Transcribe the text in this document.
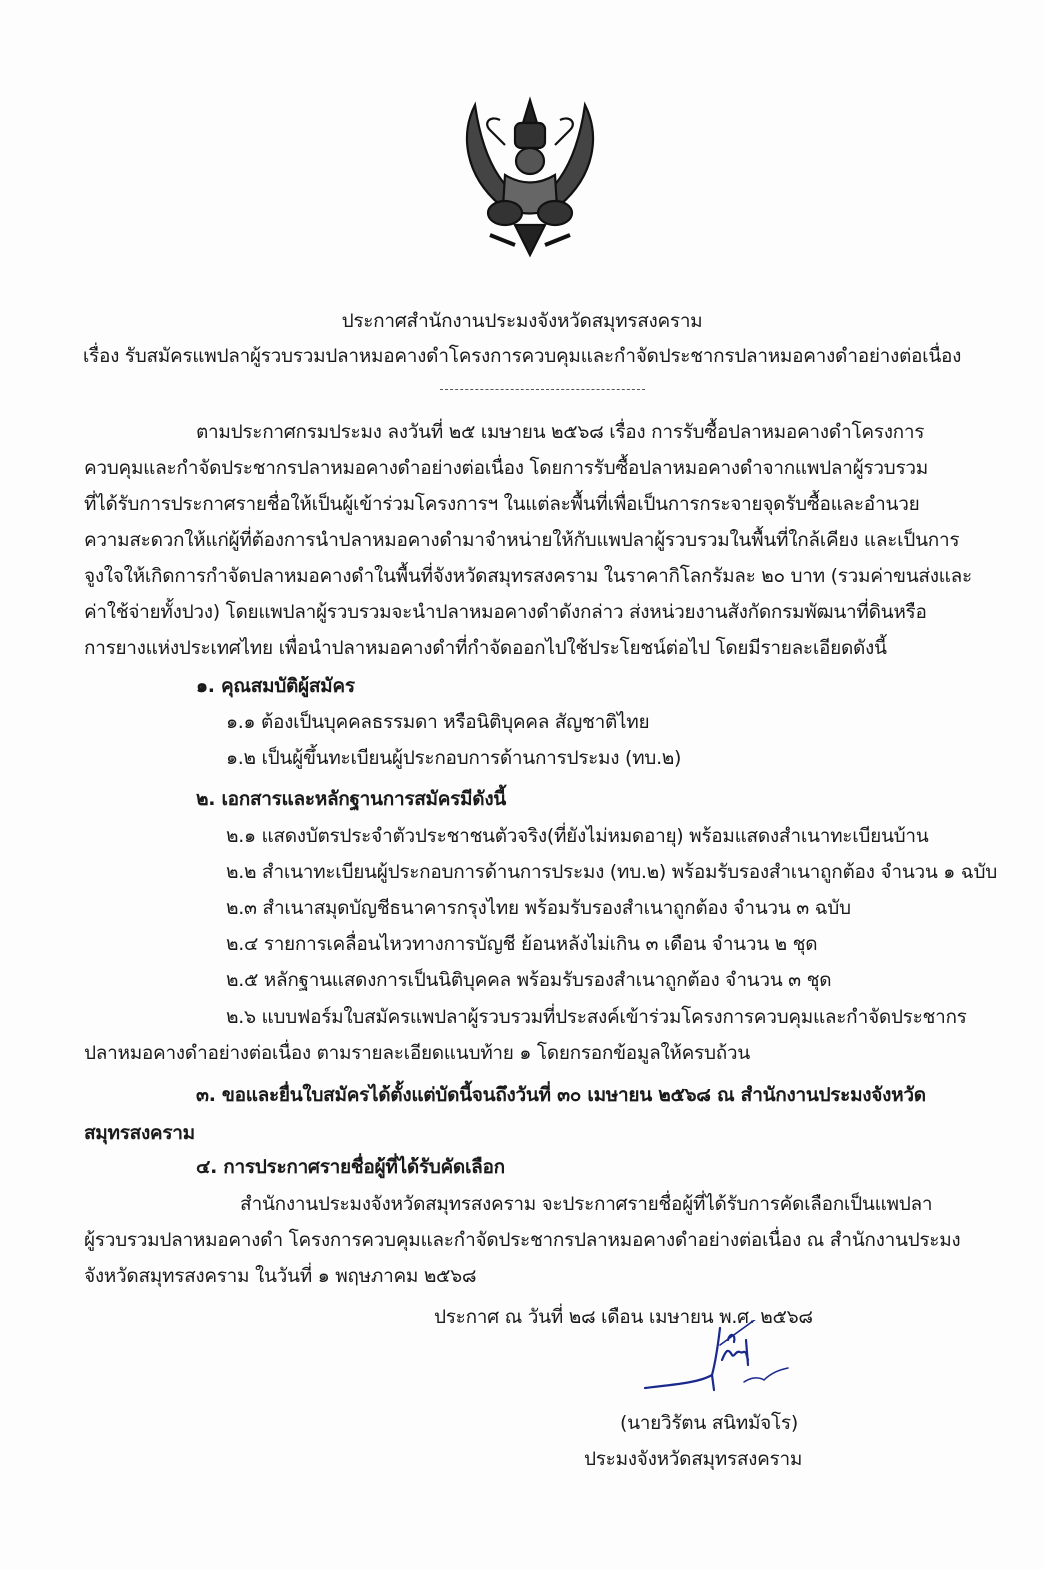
ประกาศสำนักงานประมงจังหวัดสมุทรสงคราม
เรื่อง รับสมัครแพปลาผู้รวบรวมปลาหมอคางดำโครงการควบคุมและกำจัดประชากรปลาหมอคางดำอย่างต่อเนื่อง
ตามประกาศกรมประมง ลงวันที่ ๒๕ เมษายน ๒๕๖๘ เรื่อง การรับซื้อปลาหมอคางดำโครงการ
ควบคุมและกำจัดประชากรปลาหมอคางดำอย่างต่อเนื่อง โดยการรับซื้อปลาหมอคางดำจากแพปลาผู้รวบรวม
ที่ได้รับการประกาศรายชื่อให้เป็นผู้เข้าร่วมโครงการฯ ในแต่ละพื้นที่เพื่อเป็นการกระจายจุดรับซื้อและอำนวย
ความสะดวกให้แก่ผู้ที่ต้องการนำปลาหมอคางดำมาจำหน่ายให้กับแพปลาผู้รวบรวมในพื้นที่ใกล้เคียง และเป็นการ
จูงใจให้เกิดการกำจัดปลาหมอคางดำในพื้นที่จังหวัดสมุทรสงคราม ในราคากิโลกรัมละ ๒๐ บาท (รวมค่าขนส่งและ
ค่าใช้จ่ายทั้งปวง) โดยแพปลาผู้รวบรวมจะนำปลาหมอคางดำดังกล่าว ส่งหน่วยงานสังกัดกรมพัฒนาที่ดินหรือ
การยางแห่งประเทศไทย เพื่อนำปลาหมอคางดำที่กำจัดออกไปใช้ประโยชน์ต่อไป โดยมีรายละเอียดดังนี้
๑. คุณสมบัติผู้สมัคร
๑.๑ ต้องเป็นบุคคลธรรมดา หรือนิติบุคคล สัญชาติไทย
๑.๒ เป็นผู้ขึ้นทะเบียนผู้ประกอบการด้านการประมง (ทบ.๒)
๒. เอกสารและหลักฐานการสมัครมีดังนี้
๒.๑ แสดงบัตรประจำตัวประชาชนตัวจริง(ที่ยังไม่หมดอายุ) พร้อมแสดงสำเนาทะเบียนบ้าน
๒.๒ สำเนาทะเบียนผู้ประกอบการด้านการประมง (ทบ.๒) พร้อมรับรองสำเนาถูกต้อง จำนวน ๑ ฉบับ
๒.๓ สำเนาสมุดบัญชีธนาคารกรุงไทย พร้อมรับรองสำเนาถูกต้อง จำนวน ๓ ฉบับ
๒.๔ รายการเคลื่อนไหวทางการบัญชี ย้อนหลังไม่เกิน ๓ เดือน จำนวน ๒ ชุด
๒.๕ หลักฐานแสดงการเป็นนิติบุคคล พร้อมรับรองสำเนาถูกต้อง จำนวน ๓ ชุด
๒.๖ แบบฟอร์มใบสมัครแพปลาผู้รวบรวมที่ประสงค์เข้าร่วมโครงการควบคุมและกำจัดประชากร
ปลาหมอคางดำอย่างต่อเนื่อง ตามรายละเอียดแนบท้าย ๑ โดยกรอกข้อมูลให้ครบถ้วน
๓. ขอและยื่นใบสมัครได้ตั้งแต่บัดนี้จนถึงวันที่ ๓๐ เมษายน ๒๕๖๘ ณ สำนักงานประมงจังหวัด
สมุทรสงคราม
๔. การประกาศรายชื่อผู้ที่ได้รับคัดเลือก
สำนักงานประมงจังหวัดสมุทรสงคราม จะประกาศรายชื่อผู้ที่ได้รับการคัดเลือกเป็นแพปลา
ผู้รวบรวมปลาหมอคางดำ โครงการควบคุมและกำจัดประชากรปลาหมอคางดำอย่างต่อเนื่อง ณ สำนักงานประมง
จังหวัดสมุทรสงคราม ในวันที่ ๑ พฤษภาคม ๒๕๖๘
ประกาศ ณ วันที่ ๒๘ เดือน เมษายน พ.ศ. ๒๕๖๘
(นายวิรัตน สนิทมัจโร)
ประมงจังหวัดสมุทรสงคราม
